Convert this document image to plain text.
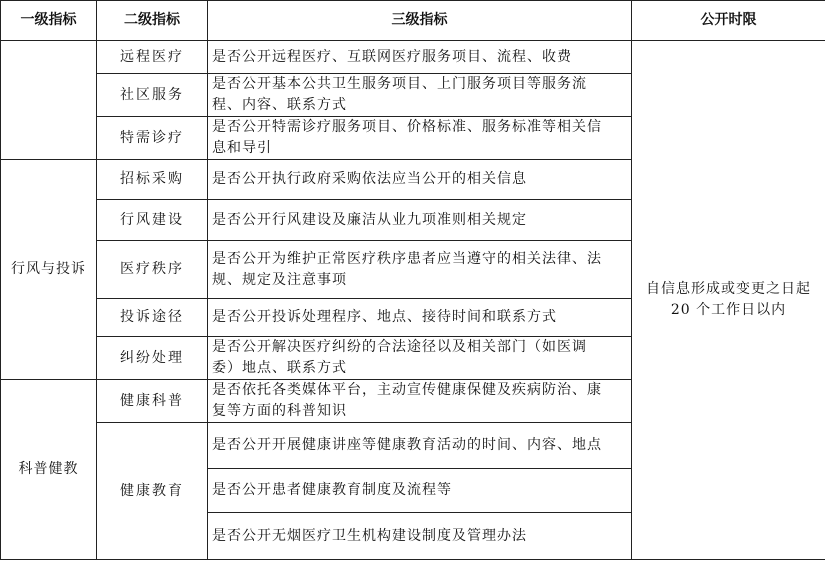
一级指标	二级指标	三级指标	公开时限
	远程医疗	是否公开远程医疗、互联网医疗服务项目、流程、收费	自信息形成或变更之日起
20 个工作日以内

	社区服务	是否公开基本公共卫生服务项目、上门服务项目等服务流
程、内容、联系方式	

	特需诊疗	是否公开特需诊疗服务项目、价格标准、服务标准等相关信
息和导引	

行风与投诉	招标采购	是否公开执行政府采购依法应当公开的相关信息	

	行风建设	是否公开行风建设及廉洁从业九项准则相关规定	

	医疗秩序	是否公开为维护正常医疗秩序患者应当遵守的相关法律、法
规、规定及注意事项	

	投诉途径	是否公开投诉处理程序、地点、接待时间和联系方式	

	纠纷处理	是否公开解决医疗纠纷的合法途径以及相关部门（如医调
委）地点、联系方式	

科普健教	健康科普	是否依托各类媒体平台，主动宣传健康保健及疾病防治、康
复等方面的科普知识	

	健康教育	是否公开开展健康讲座等健康教育活动的时间、内容、地点	

		是否公开患者健康教育制度及流程等	

		是否公开无烟医疗卫生机构建设制度及管理办法	
